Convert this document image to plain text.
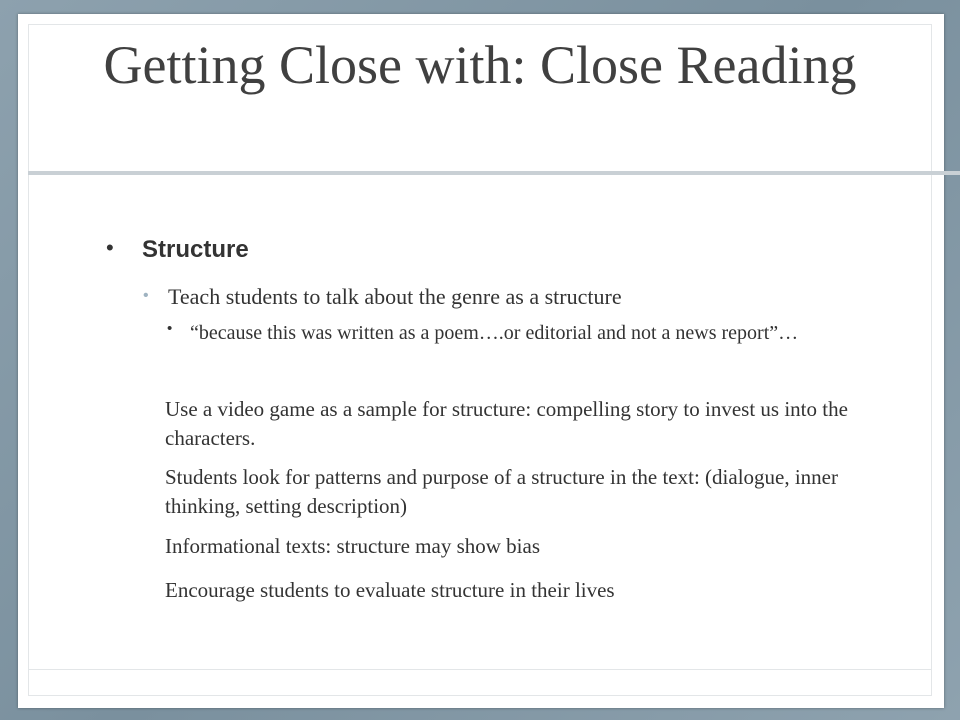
Getting Close with: Close Reading
•	Structure
• Teach students to talk about the genre as a structure
• “because this was written as a poem….or editorial and not a news report”…
Use a video game as a sample for structure: compelling story to invest us into the characters.
Students look for patterns and purpose of a structure in the text: (dialogue, inner thinking, setting description)
Informational texts: structure may show bias
Encourage students to evaluate structure in their lives
